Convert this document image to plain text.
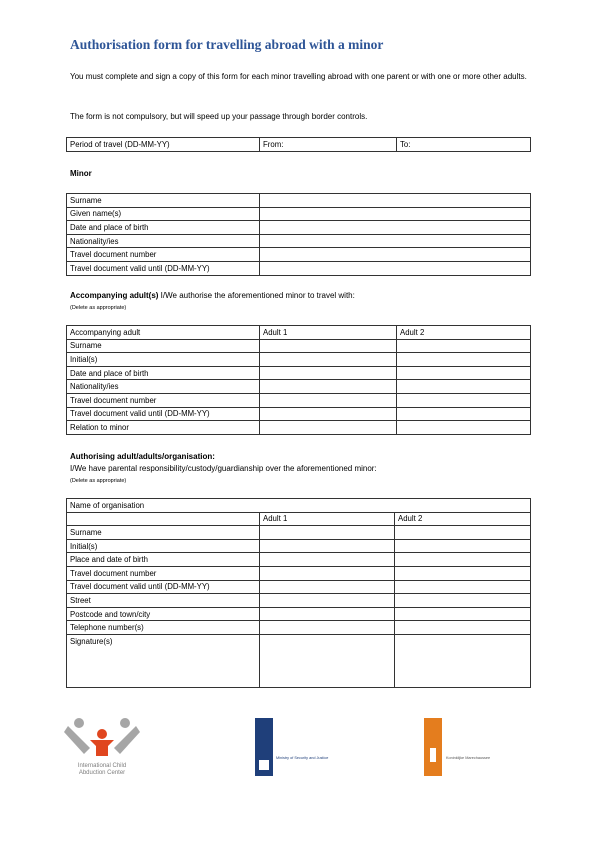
Authorisation form for travelling abroad with a minor
You must complete and sign a copy of this form for each minor travelling abroad with one parent or with one or more other adults.
The form is not compulsory, but will speed up your passage through border controls.
Period of travel (DD-MM-YY)	From:	To:
Minor
Surname	
Given name(s)	
Date and place of birth	
Nationality/ies	
Travel document number	
Travel document valid until (DD-MM-YY)	
Accompanying adult(s) I/We authorise the aforementioned minor to travel with:
(Delete as appropriate)
Accompanying adult	Adult 1	Adult 2
Surname		
Initial(s)		
Date and place of birth		
Nationality/ies		
Travel document number		
Travel document valid until (DD-MM-YY)		
Relation to minor		
Authorising adult/adults/organisation:
I/We have parental responsibility/custody/guardianship over the aforementioned minor:
(Delete as appropriate)
Name of organisation		
	Adult 1	Adult 2
Surname		
Initial(s)		
Place and date of birth		
Travel document number		
Travel document valid until (DD-MM-YY)		
Street		
Postcode and town/city		
Telephone number(s)		
Signature(s)		
International Child
Abduction Center
Ministry of Security and Justice	Koninklijke Marechaussee
